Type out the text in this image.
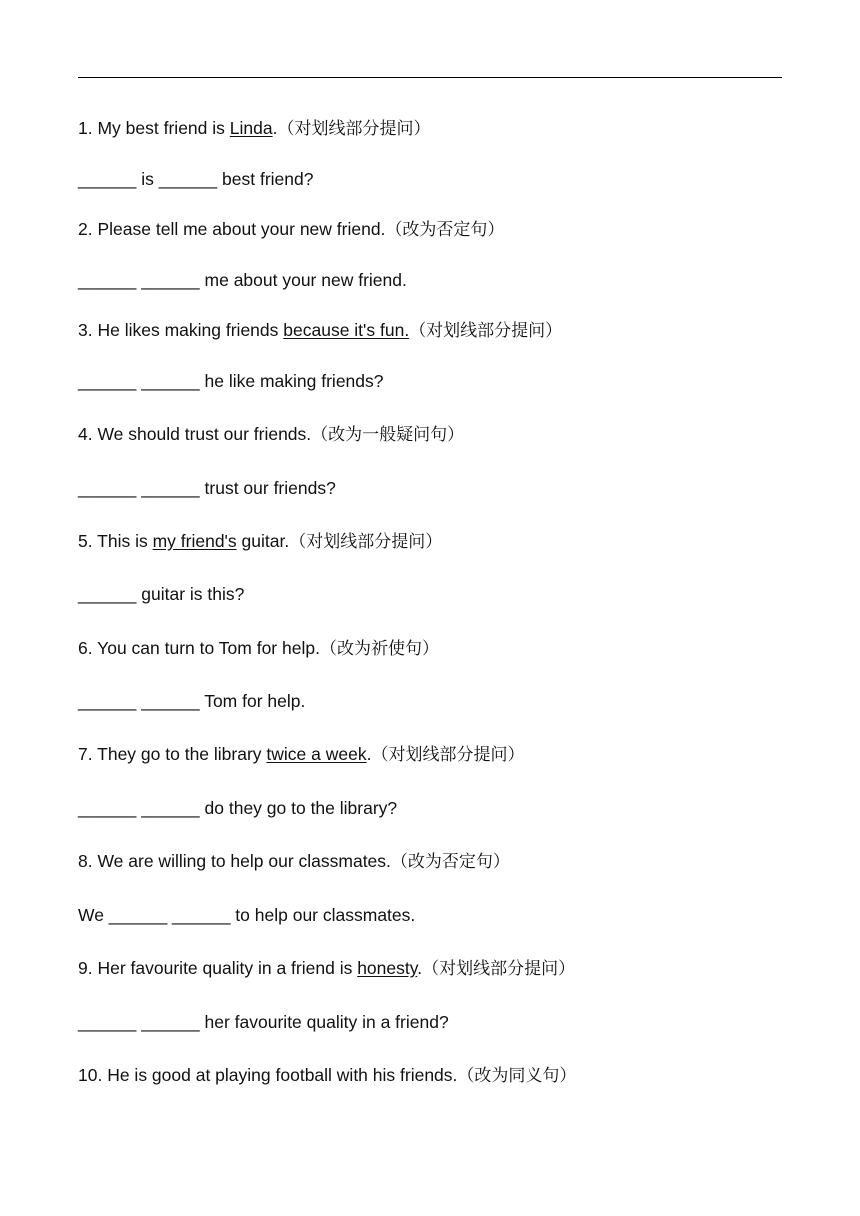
1. My best friend is Linda.（对划线部分提问）
______ is ______ best friend?
2. Please tell me about your new friend.（改为否定句）
______ ______ me about your new friend.
3. He likes making friends because it's fun.（对划线部分提问）
______ ______ he like making friends?
4. We should trust our friends.（改为一般疑问句）
______ ______ trust our friends?
5. This is my friend's guitar.（对划线部分提问）
______ guitar is this?
6. You can turn to Tom for help.（改为祈使句）
______ ______ Tom for help.
7. They go to the library twice a week.（对划线部分提问）
______ ______ do they go to the library?
8. We are willing to help our classmates.（改为否定句）
We ______ ______ to help our classmates.
9. Her favourite quality in a friend is honesty.（对划线部分提问）
______ ______ her favourite quality in a friend?
10. He is good at playing football with his friends.（改为同义句）
